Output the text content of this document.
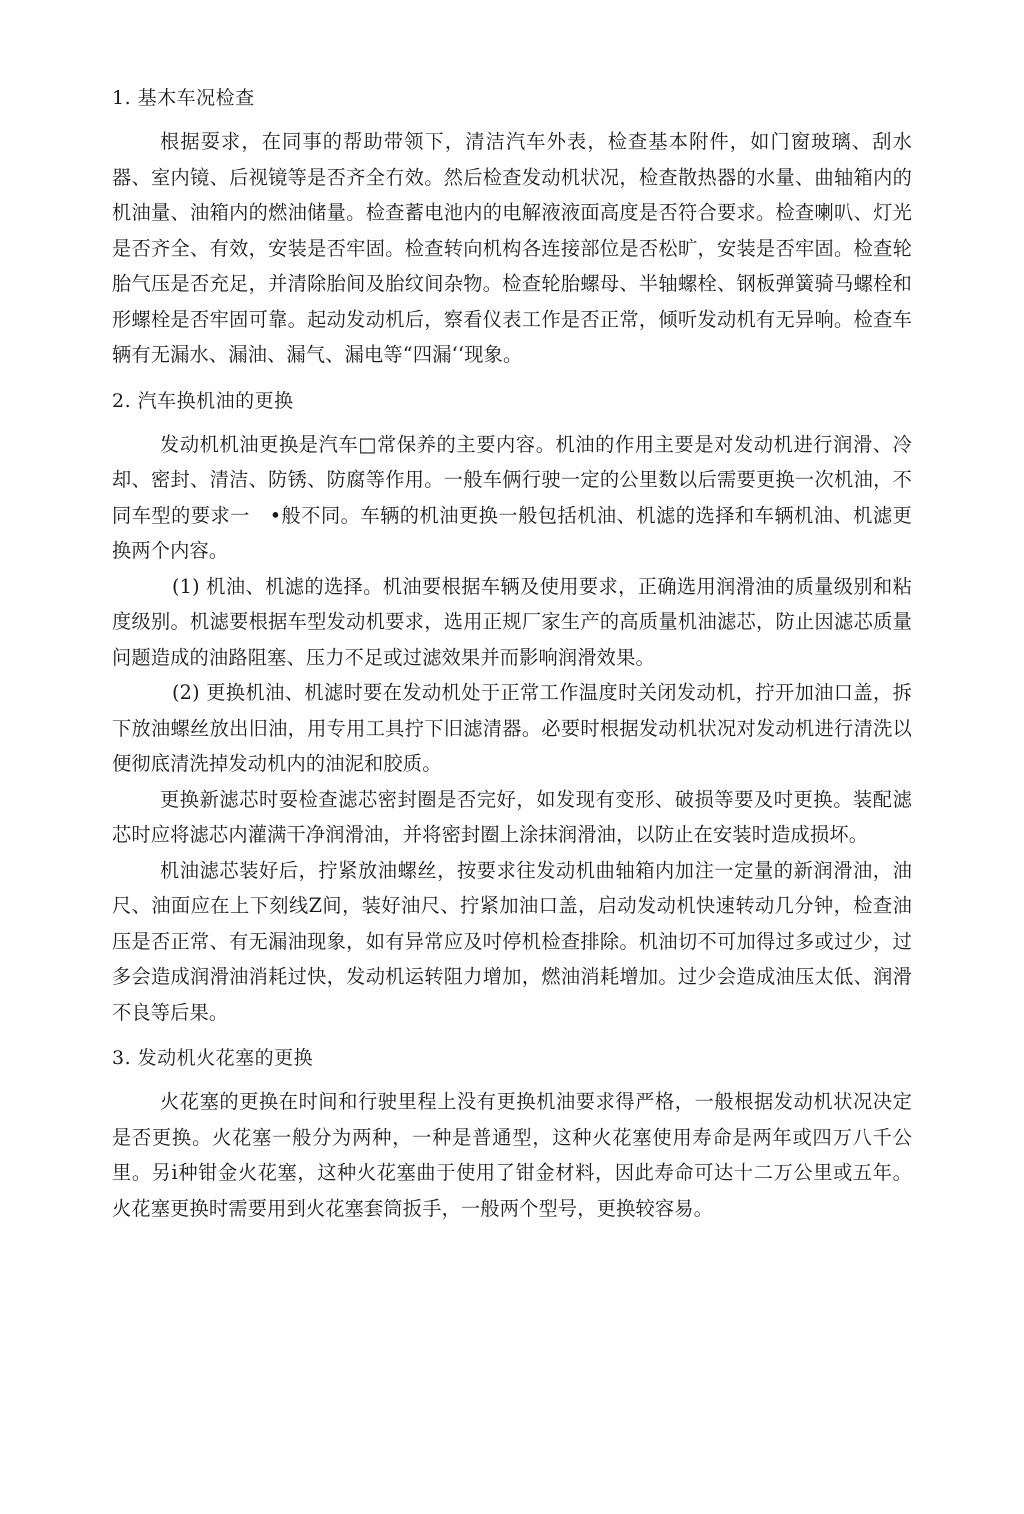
1. 基木车况检查

根据耍求，在同事的帮助带领下，清洁汽车外表，检查基本附件，如门窗玻璃、刮水器、室内镜、后视镜等是否齐全冇效。然后检查发动机状况，检查散热器的水量、曲轴箱内的机油量、油箱内的燃油储量。检查蓄电池内的电解液液面高度是否符合要求。检查喇叭、灯光是否齐全、有效，安装是否牢固。检查转向机构各连接部位是否松旷，安装是否牢固。检查轮胎气压是否充足，并清除胎间及胎纹间杂物。检查轮胎螺母、半轴螺栓、钢板弹簧骑马螺栓和形螺栓是否牢固可靠。起动发动机后，察看仪表工作是否正常，倾听发动机有无异响。检查车辆有无漏水、漏油、漏气、漏电等“四漏‘‘现象。

2. 汽车换机油的更换

发动机机油更换是汽车□常保养的主要内容。机油的作用主要是对发动机进行润滑、冷却、密封、清洁、防锈、防腐等作用。一般车俩行驶一定的公里数以后需要更换一次机油，不同车型的要求一　•般不同。车辆的机油更换一般包括机油、机滤的选择和车辆机油、机滤更换两个内容。

(1) 机油、机滤的选择。机油要根据车辆及使用要求，正确选用润滑油的质量级别和粘度级别。机滤要根据车型发动机要求，选用正规厂家生产的高质量机油滤芯，防止因滤芯质量问题造成的油路阻塞、压力不足或过滤效果并而影响润滑效果。

(2) 更换机油、机滤时要在发动机处于正常工作温度时关闭发动机，拧开加油口盖，拆下放油螺丝放出旧油，用专用工具拧下旧滤清器。必要时根据发动机状况对发动机进行清洗以便彻底清洗掉发动机内的油泥和胶质。

更换新滤芯时耍检查滤芯密封圈是否完好，如发现有变形、破损等要及吋更换。装配滤芯时应将滤芯内灌满干净润滑油，并将密封圈上涂抹润滑油，以防止在安装时造成损坏。

机油滤芯装好后，拧紧放油螺丝，按要求往发动机曲轴箱内加注一定量的新润滑油，油尺、油面应在上下刻线Z间，装好油尺、拧紧加油口盖，启动发动机快速转动几分钟，检查油压是否正常、有无漏油现象，如有异常应及吋停机检查排除。机油切不可加得过多或过少，过多会造成润滑油消耗过快，发动机运转阻力增加，燃油消耗增加。过少会造成油压太低、润滑不良等后果。

3. 发动机火花塞的更换

火花塞的更换在时间和行驶里程上没有更换机油要求得严格，一般根据发动机状况决定是否更换。火花塞一般分为两种，一种是普通型，这种火花塞使用寿命是两年或四万八千公里。另i种钳金火花塞，这种火花塞曲于使用了钳金材料，因此寿命可达十二万公里或五年。火花塞更换时需要用到火花塞套筒扳手，一般两个型号，更换较容易。
